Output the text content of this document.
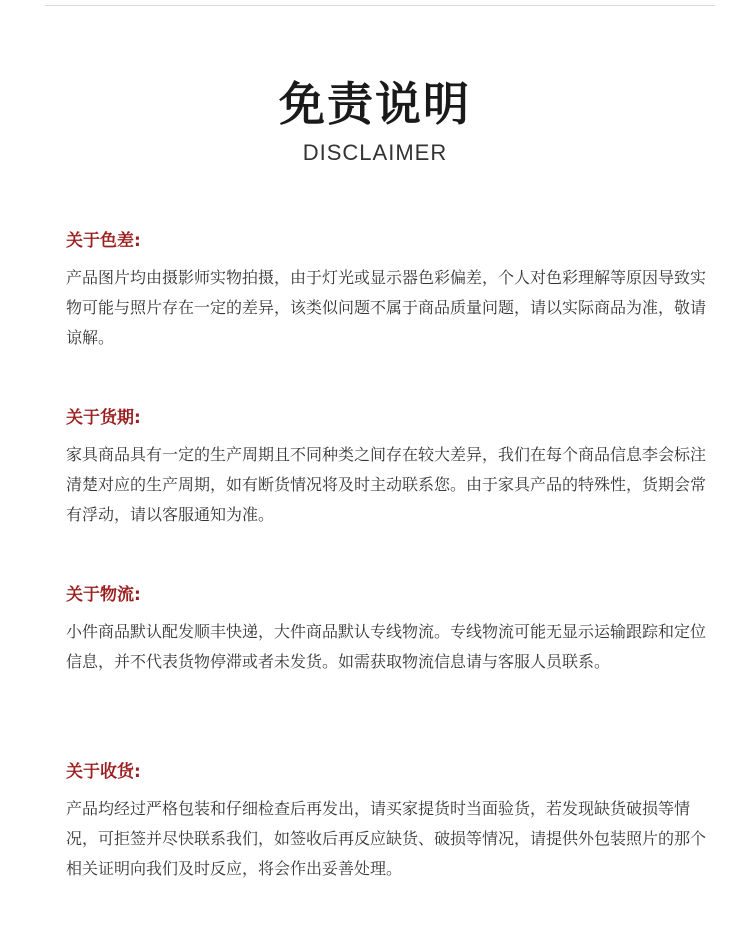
免责说明
DISCLAIMER

关于色差:

产品图片均由摄影师实物拍摄，由于灯光或显示器色彩偏差，个人对色彩理解等原因导致实物可能与照片存在一定的差异，该类似问题不属于商品质量问题，请以实际商品为准，敬请谅解。

关于货期:

家具商品具有一定的生产周期且不同种类之间存在较大差异，我们在每个商品信息李会标注清楚对应的生产周期，如有断货情况将及时主动联系您。由于家具产品的特殊性，货期会常有浮动，请以客服通知为准。

关于物流:

小件商品默认配发顺丰快递，大件商品默认专线物流。专线物流可能无显示运输跟踪和定位信息，并不代表货物停滞或者未发货。如需获取物流信息请与客服人员联系。

关于收货:

产品均经过严格包装和仔细检查后再发出，请买家提货时当面验货，若发现缺货破损等情况，可拒签并尽快联系我们，如签收后再反应缺货、破损等情况，请提供外包装照片的那个相关证明向我们及时反应，将会作出妥善处理。
